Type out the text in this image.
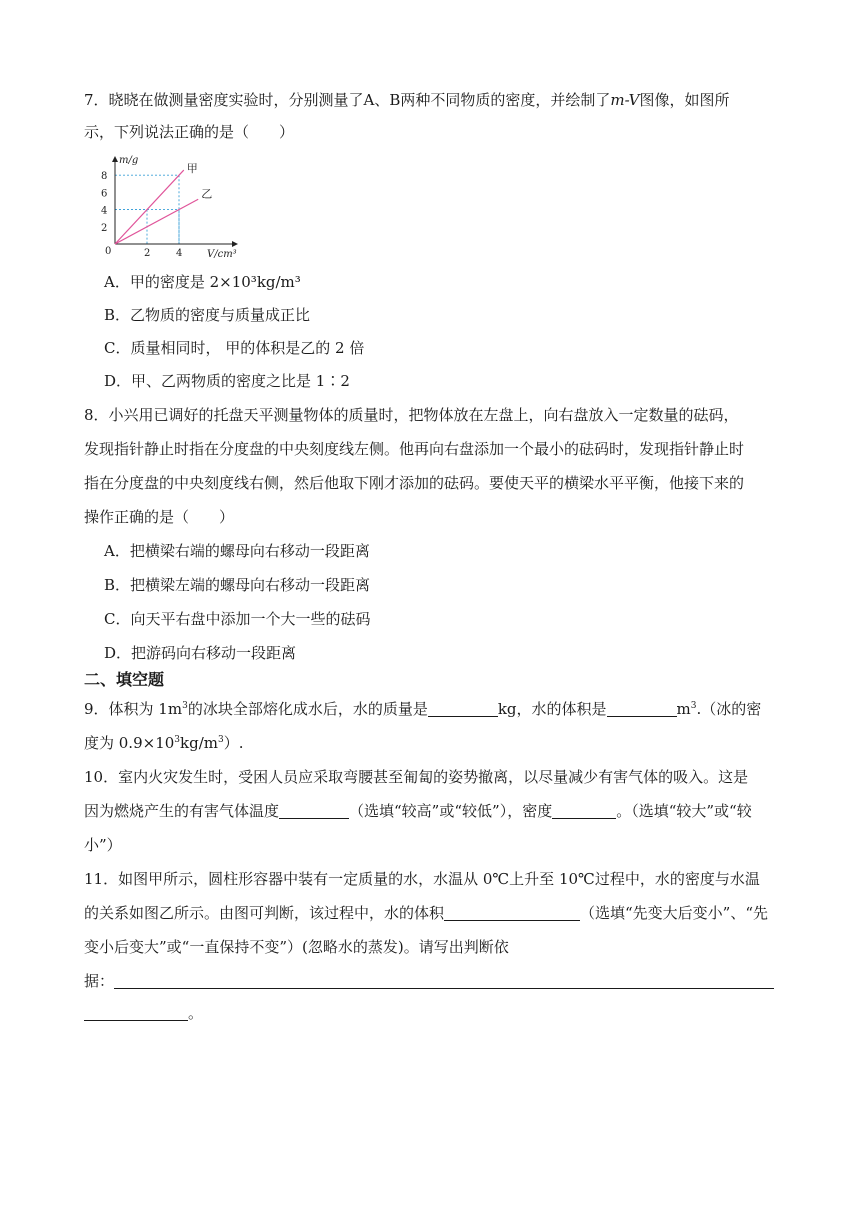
7．晓晓在做测量密度实验时，分别测量了A、B两种不同物质的密度，并绘制了m-V图像，如图所
示，下列说法正确的是（　　）
2	4
2
4
6
8
甲
乙
m/g
V/cm³
0
A．甲的密度是 2×10³kg/m³
B．乙物质的密度与质量成正比
C．质量相同时， 甲的体积是乙的 2 倍
D．甲、乙两物质的密度之比是 1∶2
8．小兴用已调好的托盘天平测量物体的质量时，把物体放在左盘上，向右盘放入一定数量的砝码，
发现指针静止时指在分度盘的中央刻度线左侧。他再向右盘添加一个最小的砝码时，发现指针静止时
指在分度盘的中央刻度线右侧，然后他取下刚才添加的砝码。要使天平的横梁水平平衡，他接下来的
操作正确的是（　　）
A．把横梁右端的螺母向右移动一段距离
B．把横梁左端的螺母向右移动一段距离
C．向天平右盘中添加一个大一些的砝码
D．把游码向右移动一段距离
二、填空题
9．体积为 $1m^3$的冰块全部熔化成水后，水的质量是	kg，水的体积是	$m^3$.（冰的密
度为 $0.9\times 10^3kg/m^3$）.
10．室内火灾发生时，受困人员应采取弯腰甚至匍匐的姿势撤离，以尽量减少有害气体的吸入。这是
因为燃烧产生的有害气体温度	（选填“较高”或“较低”），密度	。（选填“较大”或“较
小”）
11．如图甲所示，圆柱形容器中装有一定质量的水，水温从 0℃上升至 10℃过程中，水的密度与水温
的关系如图乙所示。由图可判断，该过程中，水的体积	（选填“先变大后变小”、“先
变小后变大”或“一直保持不变”）(忽略水的蒸发)。请写出判断依
据：
。
